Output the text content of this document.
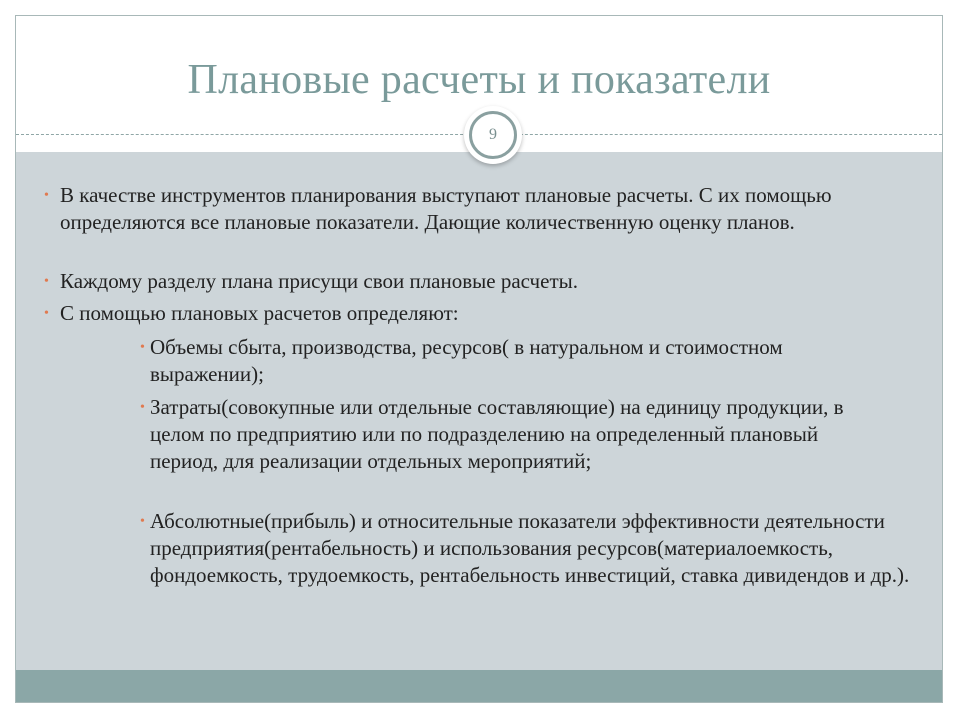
Плановые расчеты и показатели
• В качестве инструментов планирования выступают плановые расчеты. С их помощью определяются все плановые показатели. Дающие количественную оценку планов.
• Каждому разделу плана присущи свои плановые расчеты.
• С помощью плановых расчетов определяют:
• Объемы сбыта, производства, ресурсов( в натуральном и стоимостном выражении);
• Затраты(совокупные или отдельные составляющие) на единицу продукции, в целом по предприятию или по подразделению на определенный плановый период, для реализации отдельных мероприятий;
• Абсолютные(прибыль) и относительные показатели эффективности деятельности предприятия(рентабельность) и использования ресурсов(материалоемкость, фондоемкость, трудоемкость, рентабельность инвестиций, ставка дивидендов и др.).
9
